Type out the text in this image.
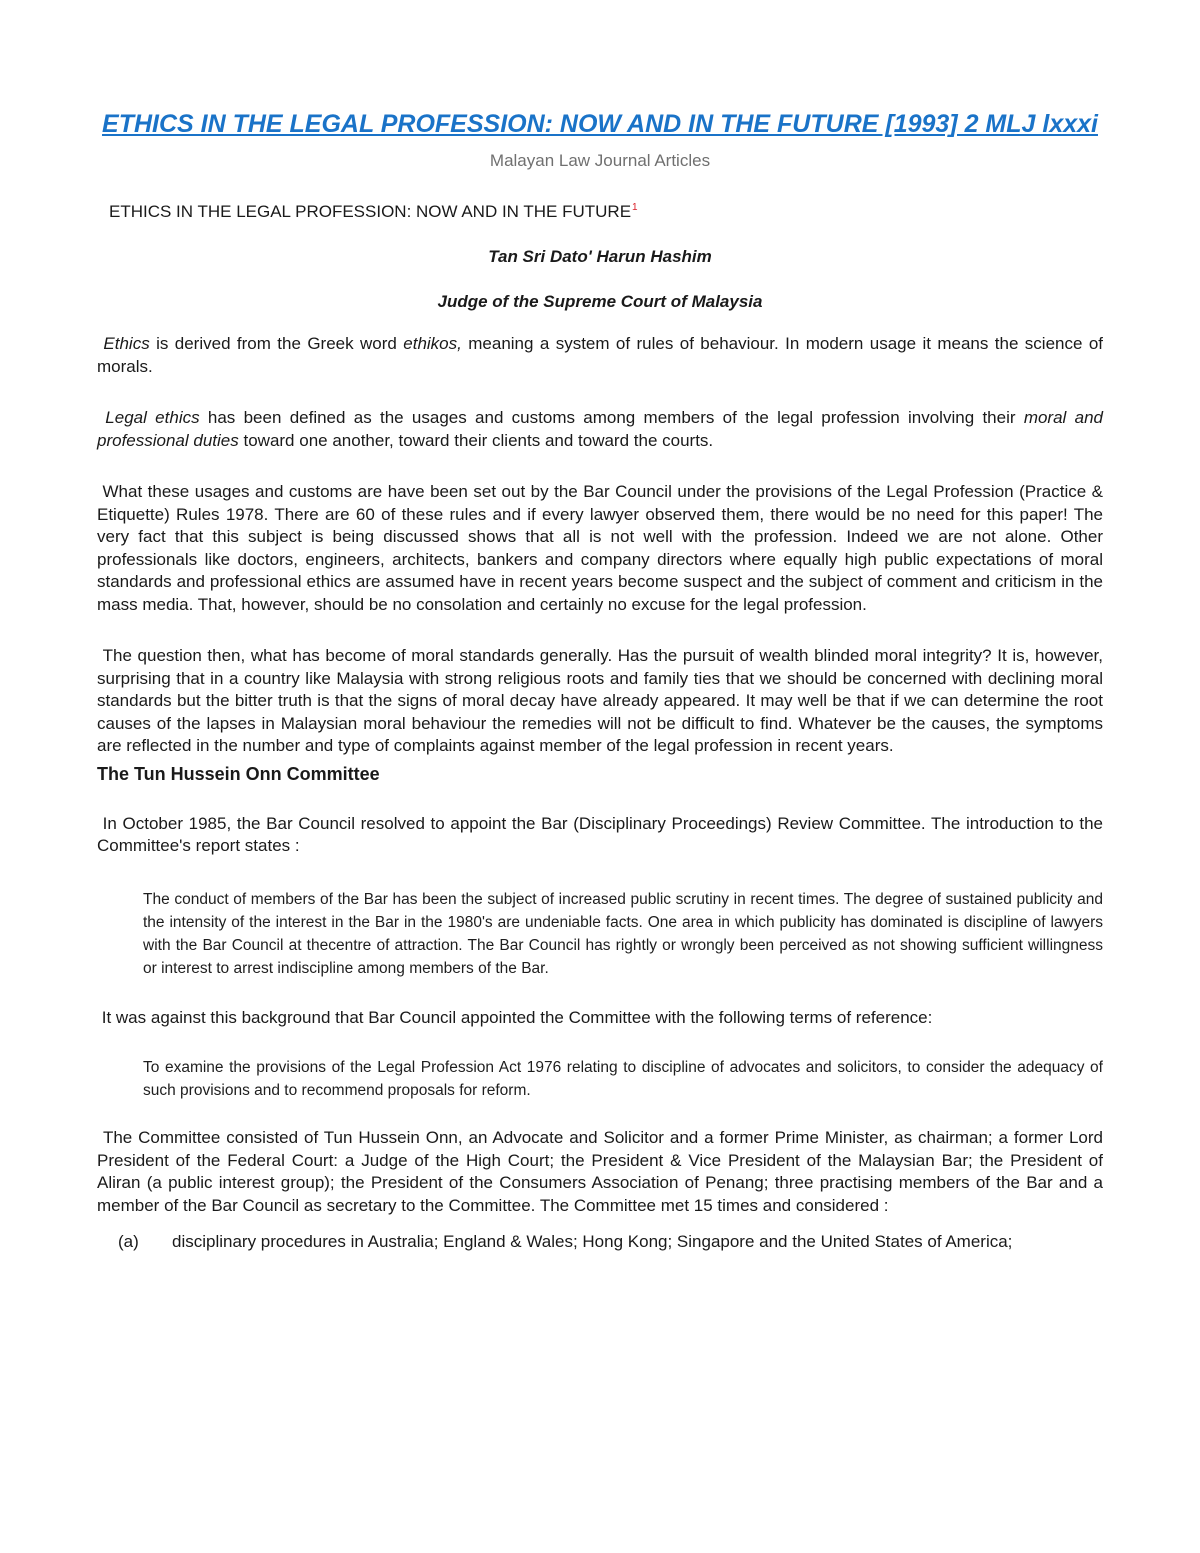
ETHICS IN THE LEGAL PROFESSION: NOW AND IN THE FUTURE [1993] 2 MLJ lxxxi
Malayan Law Journal Articles
ETHICS IN THE LEGAL PROFESSION: NOW AND IN THE FUTURE$^1$
Tan Sri Dato' Harun Hashim
Judge of the Supreme Court of Malaysia

Ethics is derived from the Greek word ethikos, meaning a system of rules of behaviour. In modern usage it means the science of morals.

Legal ethics has been defined as the usages and customs among members of the legal profession involving their moral and professional duties toward one another, toward their clients and toward the courts.

What these usages and customs are have been set out by the Bar Council under the provisions of the Legal Profession (Practice & Etiquette) Rules 1978. There are 60 of these rules and if every lawyer observed them, there would be no need for this paper! The very fact that this subject is being discussed shows that all is not well with the profession. Indeed we are not alone. Other professionals like doctors, engineers, architects, bankers and company directors where equally high public expectations of moral standards and professional ethics are assumed have in recent years become suspect and the subject of comment and criticism in the mass media. That, however, should be no consolation and certainly no excuse for the legal profession.

The question then, what has become of moral standards generally. Has the pursuit of wealth blinded moral integrity? It is, however, surprising that in a country like Malaysia with strong religious roots and family ties that we should be concerned with declining moral standards but the bitter truth is that the signs of moral decay have already appeared. It may well be that if we can determine the root causes of the lapses in Malaysian moral behaviour the remedies will not be difficult to find. Whatever be the causes, the symptoms are reflected in the number and type of complaints against member of the legal profession in recent years.

The Tun Hussein Onn Committee

In October 1985, the Bar Council resolved to appoint the Bar (Disciplinary Proceedings) Review Committee. The introduction to the Committee's report states :

The conduct of members of the Bar has been the subject of increased public scrutiny in recent times. The degree of sustained publicity and the intensity of the interest in the Bar in the 1980's are undeniable facts. One area in which publicity has dominated is discipline of lawyers with the Bar Council at thecentre of attraction. The Bar Council has rightly or wrongly been perceived as not showing sufficient willingness or interest to arrest indiscipline among members of the Bar.

It was against this background that Bar Council appointed the Committee with the following terms of reference:

To examine the provisions of the Legal Profession Act 1976 relating to discipline of advocates and solicitors, to consider the adequacy of such provisions and to recommend proposals for reform.

The Committee consisted of Tun Hussein Onn, an Advocate and Solicitor and a former Prime Minister, as chairman; a former Lord President of the Federal Court: a Judge of the High Court; the President & Vice President of the Malaysian Bar; the President of Aliran (a public interest group); the President of the Consumers Association of Penang; three practising members of the Bar and a member of the Bar Council as secretary to the Committee. The Committee met 15 times and considered :

(a)	disciplinary procedures in Australia; England & Wales; Hong Kong; Singapore and the United States of America;
